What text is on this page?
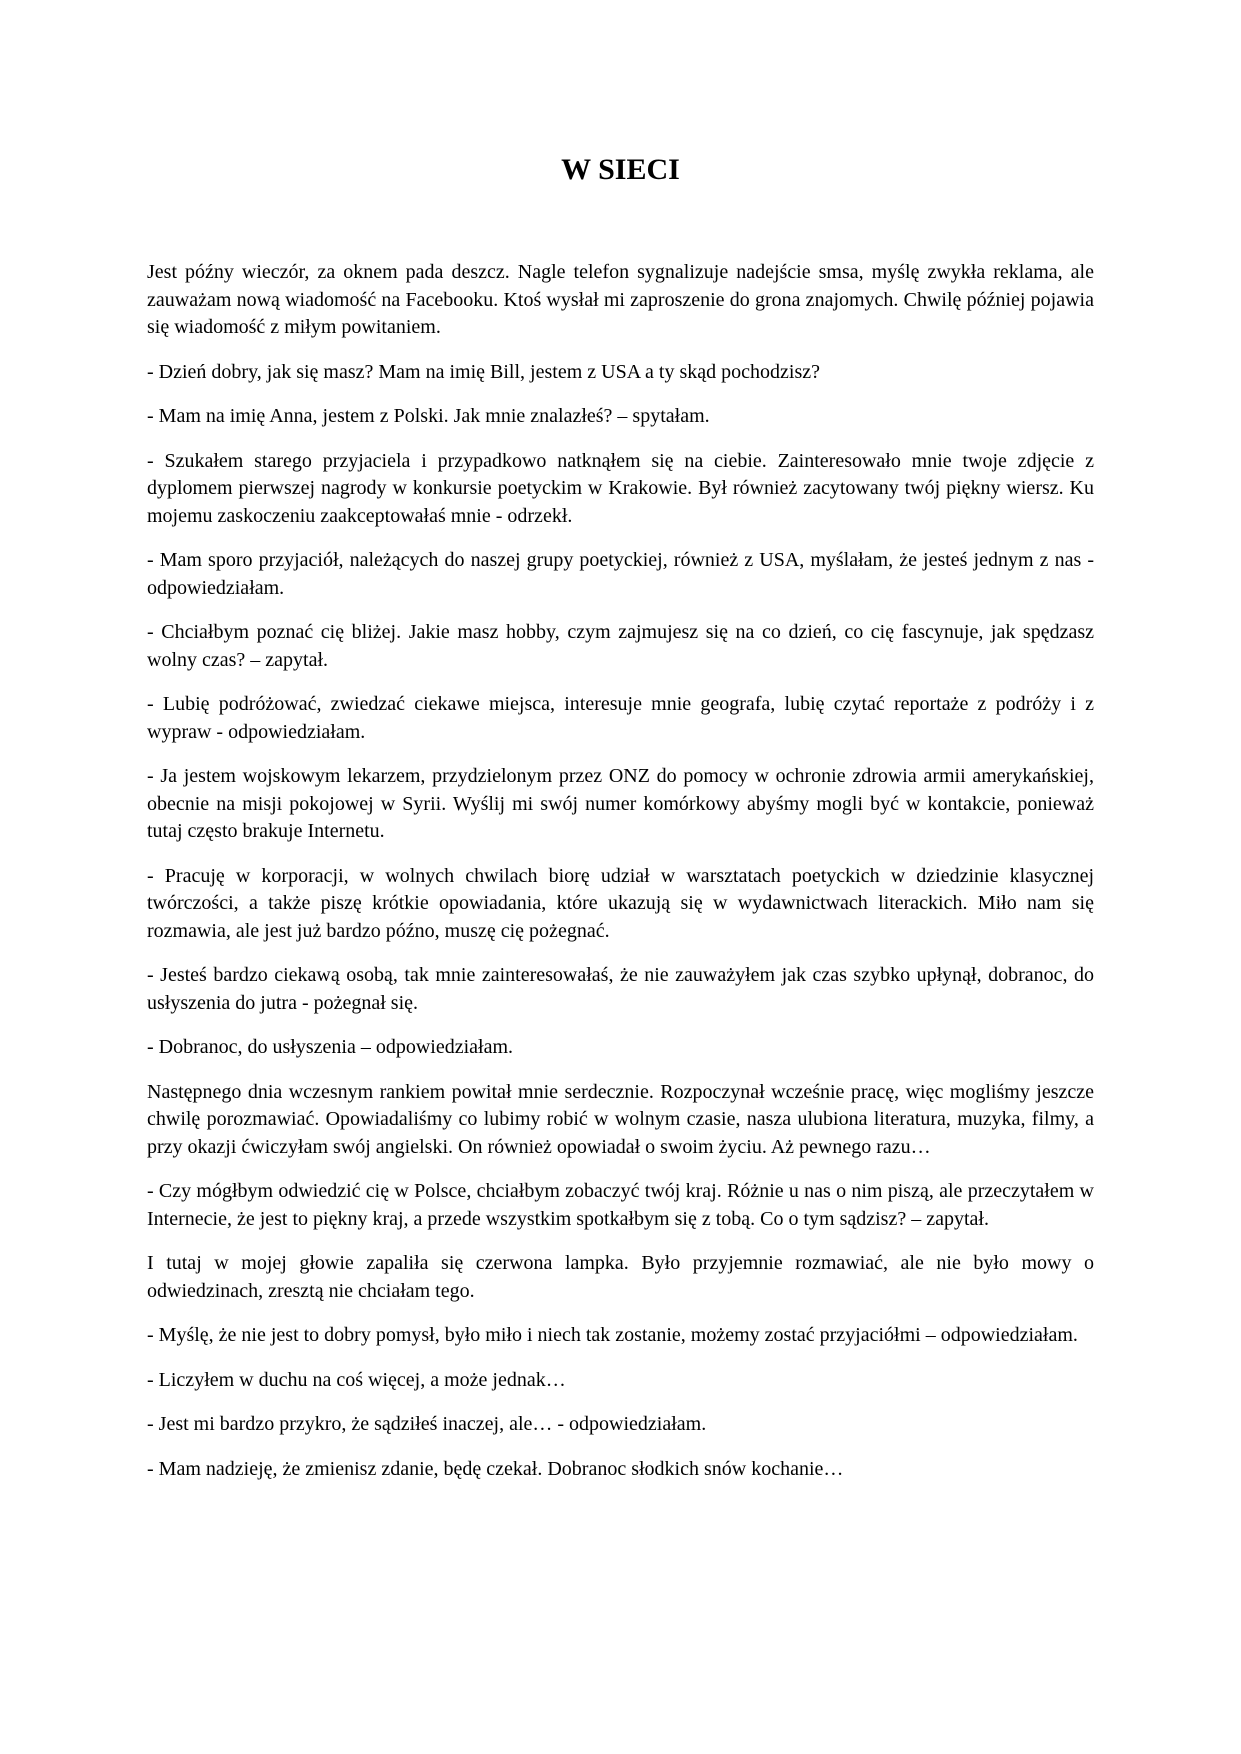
W SIECI

Jest późny wieczór, za oknem pada deszcz. Nagle telefon sygnalizuje nadejście smsa, myślę zwykła reklama, ale zauważam nową wiadomość na Facebooku. Ktoś wysłał mi zaproszenie do grona znajomych. Chwilę później pojawia się wiadomość z miłym powitaniem.

- Dzień dobry, jak się masz? Mam na imię Bill, jestem z USA a ty skąd pochodzisz?

- Mam na imię Anna, jestem z Polski. Jak mnie znalazłeś? – spytałam.

- Szukałem starego przyjaciela i przypadkowo natknąłem się na ciebie. Zainteresowało mnie twoje zdjęcie z dyplomem pierwszej nagrody w konkursie poetyckim w Krakowie. Był również zacytowany twój piękny wiersz. Ku mojemu zaskoczeniu zaakceptowałaś mnie - odrzekł.

- Mam sporo przyjaciół, należących do naszej grupy poetyckiej, również z USA, myślałam, że jesteś jednym z nas - odpowiedziałam.

- Chciałbym poznać cię bliżej. Jakie masz hobby, czym zajmujesz się na co dzień, co cię fascynuje, jak spędzasz wolny czas? – zapytał.

- Lubię podróżować, zwiedzać ciekawe miejsca, interesuje mnie geografa, lubię czytać reportaże z podróży i z wypraw - odpowiedziałam.

- Ja jestem wojskowym lekarzem, przydzielonym przez ONZ do pomocy w ochronie zdrowia armii amerykańskiej, obecnie na misji pokojowej w Syrii. Wyślij mi swój numer komórkowy abyśmy mogli być w kontakcie, ponieważ tutaj często brakuje Internetu.

- Pracuję w korporacji, w wolnych chwilach biorę udział w warsztatach poetyckich w dziedzinie klasycznej twórczości, a także piszę krótkie opowiadania, które ukazują się w wydawnictwach literackich. Miło nam się rozmawia, ale jest już bardzo późno, muszę cię pożegnać.

- Jesteś bardzo ciekawą osobą, tak mnie zainteresowałaś, że nie zauważyłem jak czas szybko upłynął, dobranoc, do usłyszenia do jutra - pożegnał się.

- Dobranoc, do usłyszenia – odpowiedziałam.

Następnego dnia wczesnym rankiem powitał mnie serdecznie. Rozpoczynał wcześnie pracę, więc mogliśmy jeszcze chwilę porozmawiać. Opowiadaliśmy co lubimy robić w wolnym czasie, nasza ulubiona literatura, muzyka, filmy, a przy okazji ćwiczyłam swój angielski. On również opowiadał o swoim życiu. Aż pewnego razu…

- Czy mógłbym odwiedzić cię w Polsce, chciałbym zobaczyć twój kraj. Różnie u nas o nim piszą, ale przeczytałem w Internecie, że jest to piękny kraj, a przede wszystkim spotkałbym się z tobą. Co o tym sądzisz? – zapytał.

I tutaj w mojej głowie zapaliła się czerwona lampka. Było przyjemnie rozmawiać, ale nie było mowy o odwiedzinach, zresztą nie chciałam tego.

- Myślę, że nie jest to dobry pomysł, było miło i niech tak zostanie, możemy zostać przyjaciółmi – odpowiedziałam.

- Liczyłem w duchu na coś więcej, a może jednak…

- Jest mi bardzo przykro, że sądziłeś inaczej, ale… - odpowiedziałam.

- Mam nadzieję, że zmienisz zdanie, będę czekał. Dobranoc słodkich snów kochanie…
